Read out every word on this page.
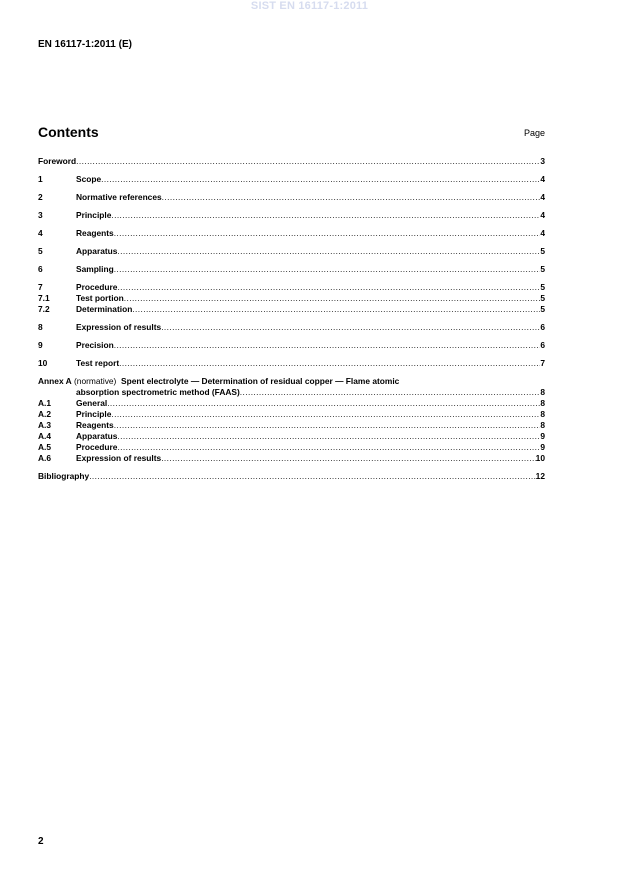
SIST EN 16117-1:2011
EN 16117-1:2011 (E)
Contents	Page
Foreword .....	3
1	Scope .....	4
2	Normative references .....	4
3	Principle .....	4
4	Reagents .....	4
5	Apparatus .....	5
6	Sampling .....	5
7	Procedure .....	5
7.1	Test portion .....	5
7.2	Determination .....	5
8	Expression of results .....	6
9	Precision .....	6
10	Test report .....	7
Annex A
(normative)
Spent electrolyte — Determination of residual copper — Flame atomic
absorption spectrometric method (FAAS) .....	8
A.1	General .....	8
A.2	Principle .....	8
A.3	Reagents .....	8
A.4	Apparatus .....	9
A.5	Procedure .....	9
A.6	Expression of results .....	10
Bibliography .....	12
2
